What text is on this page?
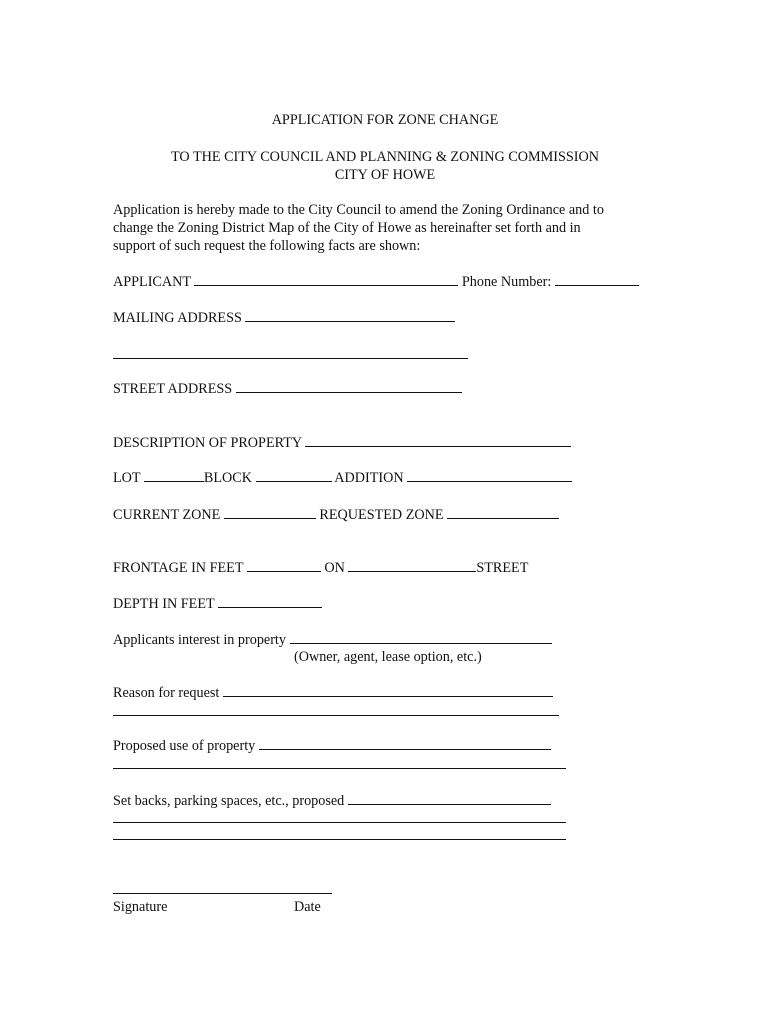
APPLICATION FOR ZONE CHANGE
TO THE CITY COUNCIL AND PLANNING & ZONING COMMISSION
CITY OF HOWE
Application is hereby made to the City Council to amend the Zoning Ordinance and to
change the Zoning District Map of the City of Howe as hereinafter set forth and in
support of such request the following facts are shown:
APPLICANT	Phone Number:
MAILING ADDRESS
STREET ADDRESS
DESCRIPTION OF PROPERTY
LOT	BLOCK	ADDITION
CURRENT ZONE	REQUESTED ZONE
FRONTAGE IN FEET	ON	STREET
DEPTH IN FEET
Applicants interest in property
(Owner, agent, lease option, etc.)
Reason for request
Proposed use of property
Set backs, parking spaces, etc., proposed
Signature	Date
